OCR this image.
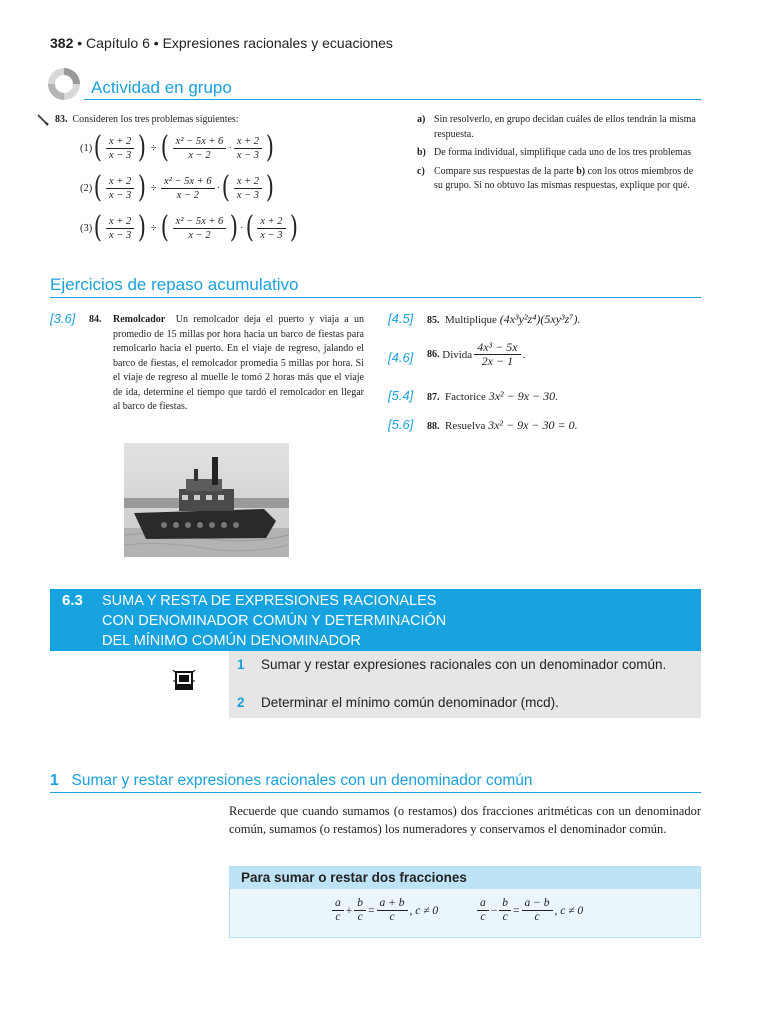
382 • Capítulo 6 • Expresiones racionales y ecuaciones
Actividad en grupo
83. Consideren los tres problemas siguientes:
(1) ( $\frac{x + 2}{x - 3}$ )
÷
( $\frac{\text{x² − 5x + 6}}{x - 2} \cdot \frac{x + 2}{x - 3}$ )
(2) ( $\frac{x + 2}{x - 3}$ )
÷
$\frac{\text{x² − 5x + 6}}{x - 2}$ · ( $\frac{x + 2}{x - 3}$ )
(3) ( $\frac{x + 2}{x - 3}$ )
÷
( $\frac{\text{x² − 5x + 6}}{x - 2}$ ) · ( $\frac{x + 2}{x - 3}$ )
a) Sin resolverlo, en grupo decidan cuáles de ellos tendrán la misma respuesta.
b) De forma individual, simplifique cada uno de los tres problemas
c) Compare sus respuestas de la parte b) con los otros miembros de su grupo. Si no obtuvo las mismas respuestas, explique por qué.
Ejercicios de repaso acumulativo
[3.6] 84. Remolcador Un remolcador deja el puerto y viaja a un promedio de 15 millas por hora hacia un barco de fiestas para remolcarlo hacia el puerto. En el viaje de regreso, jalando el barco de fiestas, el remolcador promedia 5 millas por hora. Si el viaje de regreso al muelle le tomó 2 horas más que el viaje de ida, determine el tiempo que tardó el remolcador en llegar al barco de fiestas.
[4.5] 85. Multiplique (4x³y²z⁴)(5xy³z⁷).
[4.6] 86.
Divida $\frac{\text{4x³ − 5x}}{2x - 1}$ .
[5.4] 87. Factorice 3x² − 9x − 30.
[5.6] 88. Resuelva 3x² − 9x − 30 = 0.
6.3 SUMA Y RESTA DE EXPRESIONES RACIONALES
CON DENOMINADOR COMÚN Y DETERMINACIÓN
DEL MÍNIMO COMÚN DENOMINADOR
1	Sumar y restar expresiones racionales con un denominador común.
2	Determinar el mínimo común denominador (mcd).
1 Sumar y restar expresiones racionales con un denominador común
Recuerde que cuando sumamos (o restamos) dos fracciones aritméticas con un denominador común, sumamos (o restamos) los numeradores y conservamos el denominador común.
Para sumar o restar dos fracciones
$\frac{a}{c} + \frac{b}{c} = \frac{a + b}{c}$ , c ≠ 0	$\frac{a}{c} - \frac{b}{c} = \frac{a - b}{c}$ , c ≠ 0
